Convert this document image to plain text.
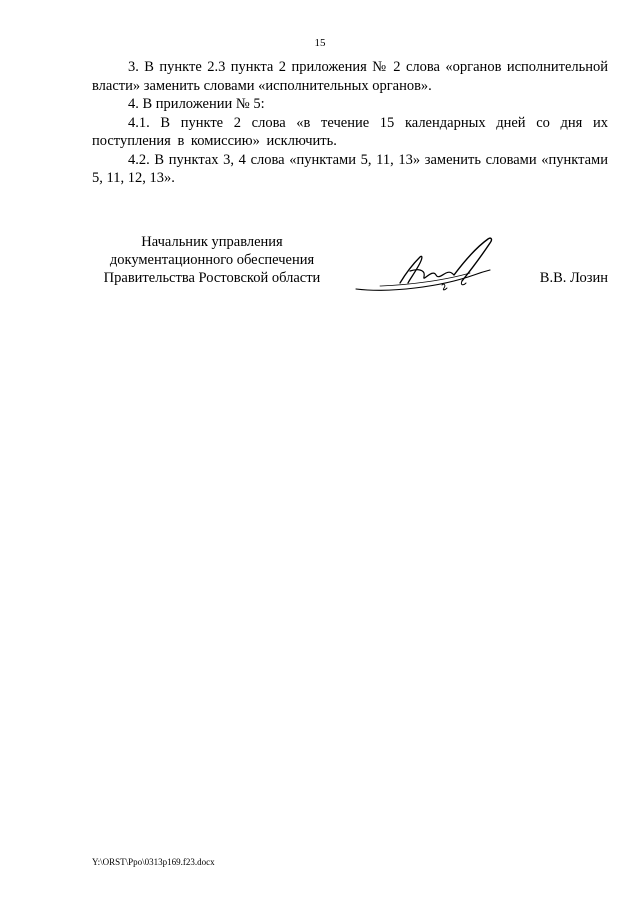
15

3. В пункте 2.3 пункта 2 приложения № 2 слова «органов исполнительной власти» заменить словами «исполнительных органов».

4. В приложении № 5:

4.1. В пункте 2 слова «в течение 15 календарных дней со дня их поступления в комиссию» исключить.

4.2. В пунктах 3, 4 слова «пунктами 5, 11, 13» заменить словами «пунктами 5, 11, 12, 13».

Начальник управления
документационного обеспечения
Правительства Ростовской области	В.В. Лозин
Y:\ORST\Ppo\0313p169.f23.docx
